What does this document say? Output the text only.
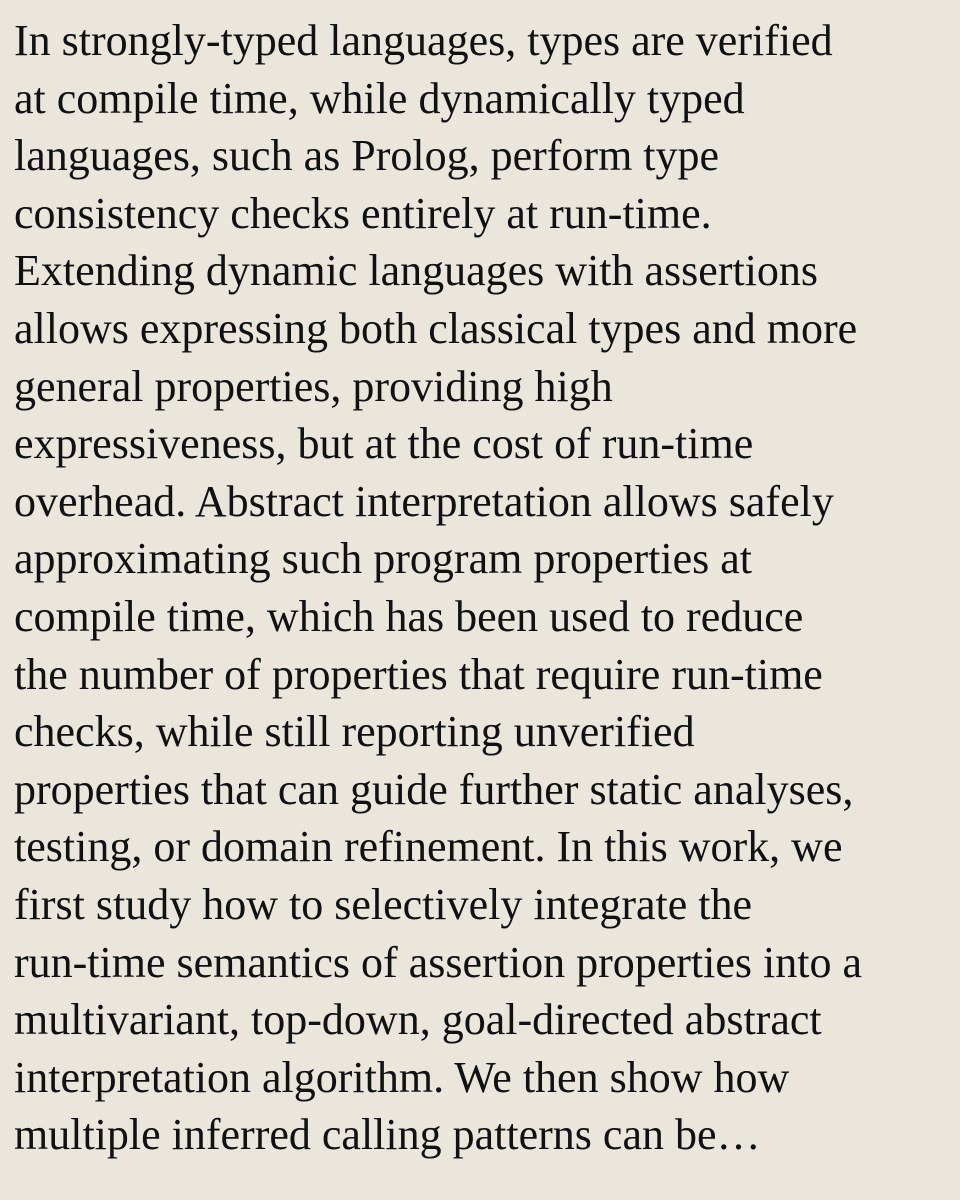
In strongly-typed languages, types are verified
at compile time, while dynamically typed
languages, such as Prolog, perform type
consistency checks entirely at run-time.
Extending dynamic languages with assertions
allows expressing both classical types and more
general properties, providing high
expressiveness, but at the cost of run-time
overhead. Abstract interpretation allows safely
approximating such program properties at
compile time, which has been used to reduce
the number of properties that require run-time
checks, while still reporting unverified
properties that can guide further static analyses,
testing, or domain refinement. In this work, we
first study how to selectively integrate the
run-time semantics of assertion properties into a
multivariant, top-down, goal-directed abstract
interpretation algorithm. We then show how
multiple inferred calling patterns can be…
